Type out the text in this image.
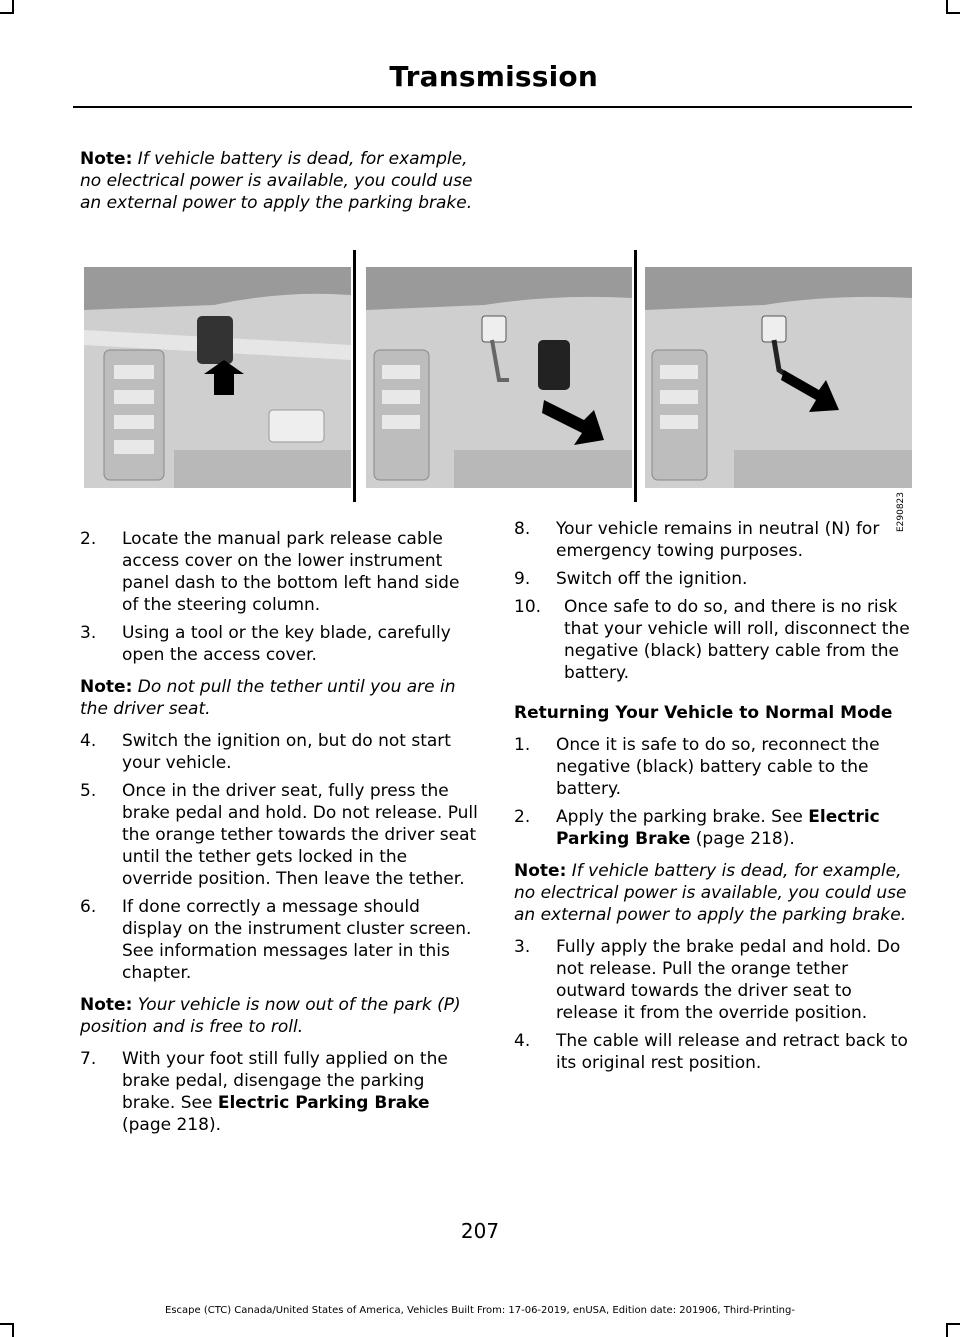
Transmission

Note: If vehicle battery is dead, for example, no electrical power is available, you could use an external power to apply the parking brake.

E290823
2. Locate the manual park release cable access cover on the lower instrument panel dash to the bottom left hand side of the steering column.
3. Using a tool or the key blade, carefully open the access cover.

Note: Do not pull the tether until you are in the driver seat.

4. Switch the ignition on, but do not start your vehicle.
5. Once in the driver seat, fully press the brake pedal and hold. Do not release. Pull the orange tether towards the driver seat until the tether gets locked in the override position. Then leave the tether.
6. If done correctly a message should display on the instrument cluster screen. See information messages later in this chapter.

Note: Your vehicle is now out of the park (P) position and is free to roll.

7. With your foot still fully applied on the brake pedal, disengage the parking brake. See Electric Parking Brake (page 218).
8. Your vehicle remains in neutral (N) for emergency towing purposes.
9. Switch off the ignition.
10. Once safe to do so, and there is no risk that your vehicle will roll, disconnect the negative (black) battery cable from the battery.

Returning Your Vehicle to Normal Mode

1. Once it is safe to do so, reconnect the negative (black) battery cable to the battery.
2. Apply the parking brake. See Electric Parking Brake (page 218).

Note: If vehicle battery is dead, for example, no electrical power is available, you could use an external power to apply the parking brake.

3. Fully apply the brake pedal and hold. Do not release. Pull the orange tether outward towards the driver seat to release it from the override position.
4. The cable will release and retract back to its original rest position.
207
Escape (CTC) Canada/United States of America, Vehicles Built From: 17-06-2019, enUSA, Edition date: 201906, Third-Printing-
